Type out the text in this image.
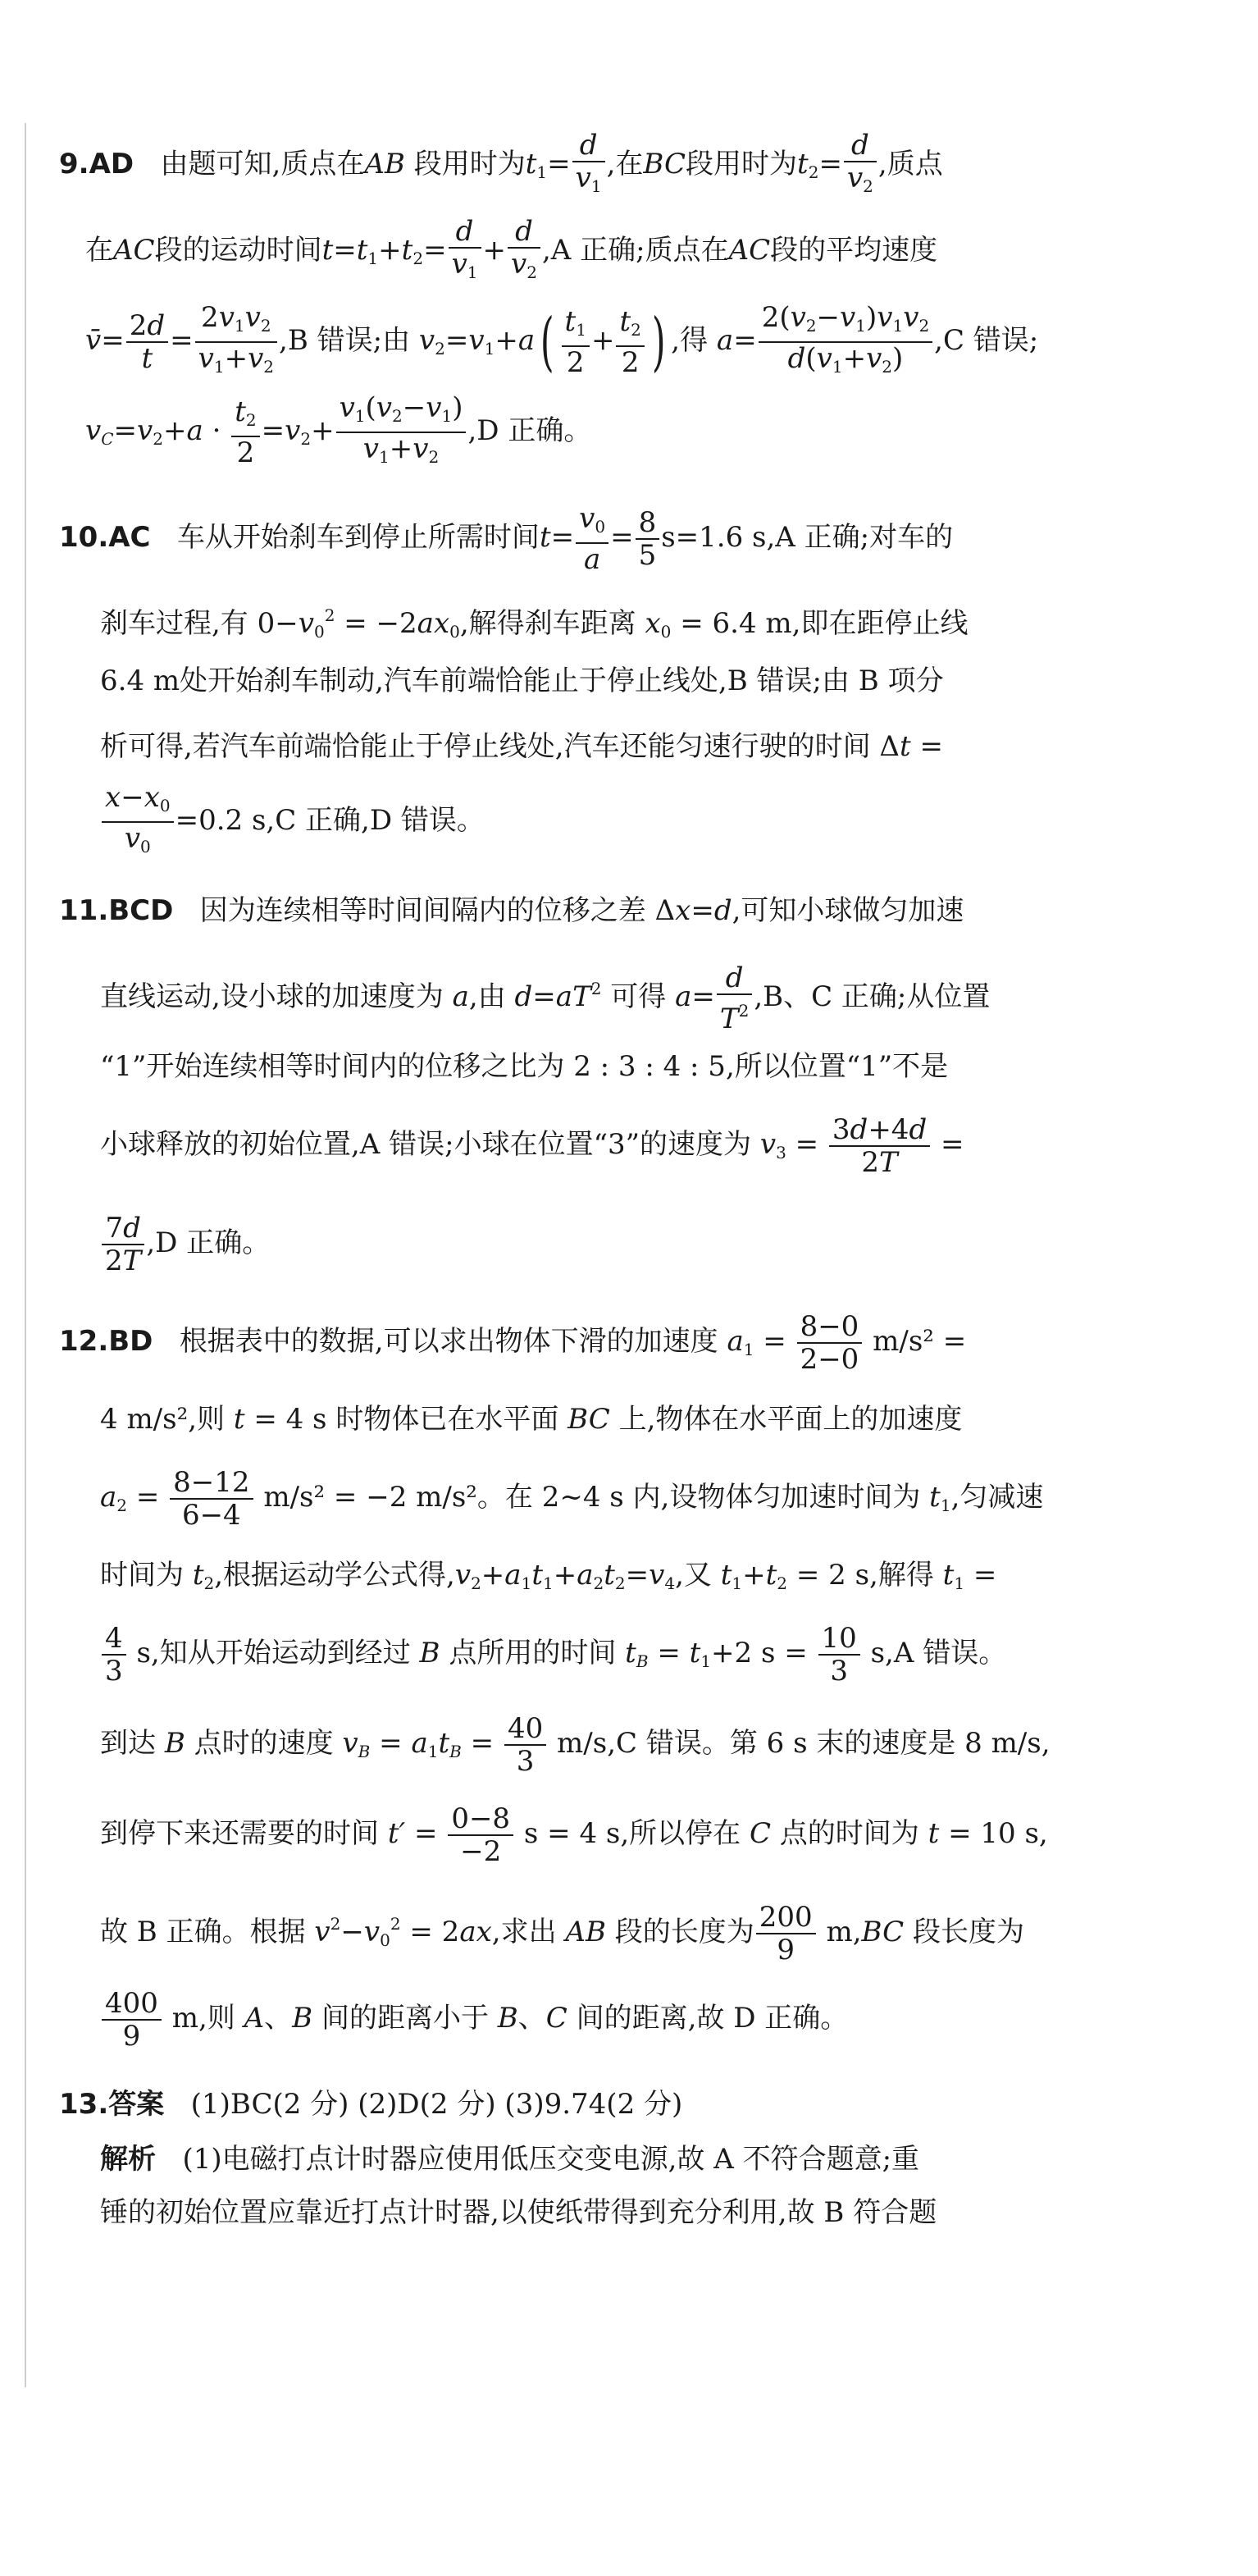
9.AD 由题可知,质点在AB 段用时为$t_1= \frac{d}{v_1}$ ,在BC段用时为$t_2= \frac{d}{v_2}$ ,质点
在AC段的运动时间$t=t_1+t_2= \frac{d}{v_1} + \frac{d}{v_2} ,A$ 正确;质点在AC段的平均速度
v̄= $\frac{2d}{t} = \frac{2v_1v_2}{v_1+v_2} ,B$ 错误;由 $v_2=v_1+a( \frac{t_1}{2} + \frac{t_2}{2}$ ) ,得 $a= \frac{2(v_2-v_1)v_1v_2}{d(v_1+v_2)} ,C$ 错误;
$v_C=v_2+a \cdot \frac{t_2}{2} =v_2+ \frac{v_1(v_2-v_1)}{v_1+v_2} ,D$ 正确。
10.AC 车从开始刹车到停止所需时间$t= \frac{v_0}{a} = \frac{8}{5} s=1.6$ s,A 正确;对车的
刹车过程,有 $0-v_0^2 = -2ax_0$,解得刹车距离 $x_0 = 6.4$ m,即在距停止线
6.4 m处开始刹车制动,汽车前端恰能止于停止线处,B 错误;由 B 项分
析可得,若汽车前端恰能止于停止线处,汽车还能匀速行驶的时间 Δt =
$\frac{x-x_0}{v_0} =0.2$ s,C 正确,D 错误。
11.BCD 因为连续相等时间间隔内的位移之差 Δx=d,可知小球做匀加速
直线运动,设小球的加速度为 a,由 $d=aT^2$ 可得 $a= \frac{d}{T^2} ,B$、C 正确;从位置
“1”开始连续相等时间内的位移之比为 2 : 3 : 4 : 5,所以位置“1”不是
小球释放的初始位置,A 错误;小球在位置“3”的速度为 $v_3 = \frac{3d+4d}{2T}$ =
$\frac{7d}{2T} ,D$ 正确。
12.BD 根据表中的数据,可以求出物体下滑的加速度 $a_1 = \frac{8-0}{2-0} m/s^2$ =
4 m/s²,则 t = 4 s 时物体已在水平面 BC 上,物体在水平面上的加速度
$a_2 = \frac{8-12}{6-4} m/s^2 = -2$ m/s²。在 2~4 s 内,设物体匀加速时间为 $t_1$,匀减速
时间为 $t_2$,根据运动学公式得$,v_2+a_1t_1+a_2t_2=v_4$,又 $t_1+t_2 = 2$ s,解得 $t_1$ =
$\frac{4}{3} s$,知从开始运动到经过 B 点所用的时间 $t_B = t_1+2$ $s = \frac{10}{3} s,A$ 错误。
到达 B 点时的速度 $v_B = a_1t_B = \frac{40}{3} m/s,C$ 错误。第 6 s 末的速度是 8 m/s,
到停下来还需要的时间 $t' = \frac{0-8}{-2}$ s = 4 s,所以停在 C 点的时间为 t = 10 s,
故 B 正确。根据 $v^2-v_0^2 = 2ax$,求出 AB 段的长度为 $\frac{200}{9} m,BC$ 段长度为
$\frac{400}{9} m$,则 A、B 间的距离小于 B、C 间的距离,故 D 正确。
13.答案 (1)BC(2 分) (2)D(2 分) (3)9.74(2 分)
解析 (1)电磁打点计时器应使用低压交变电源,故 A 不符合题意;重
锤的初始位置应靠近打点计时器,以使纸带得到充分利用,故 B 符合题
